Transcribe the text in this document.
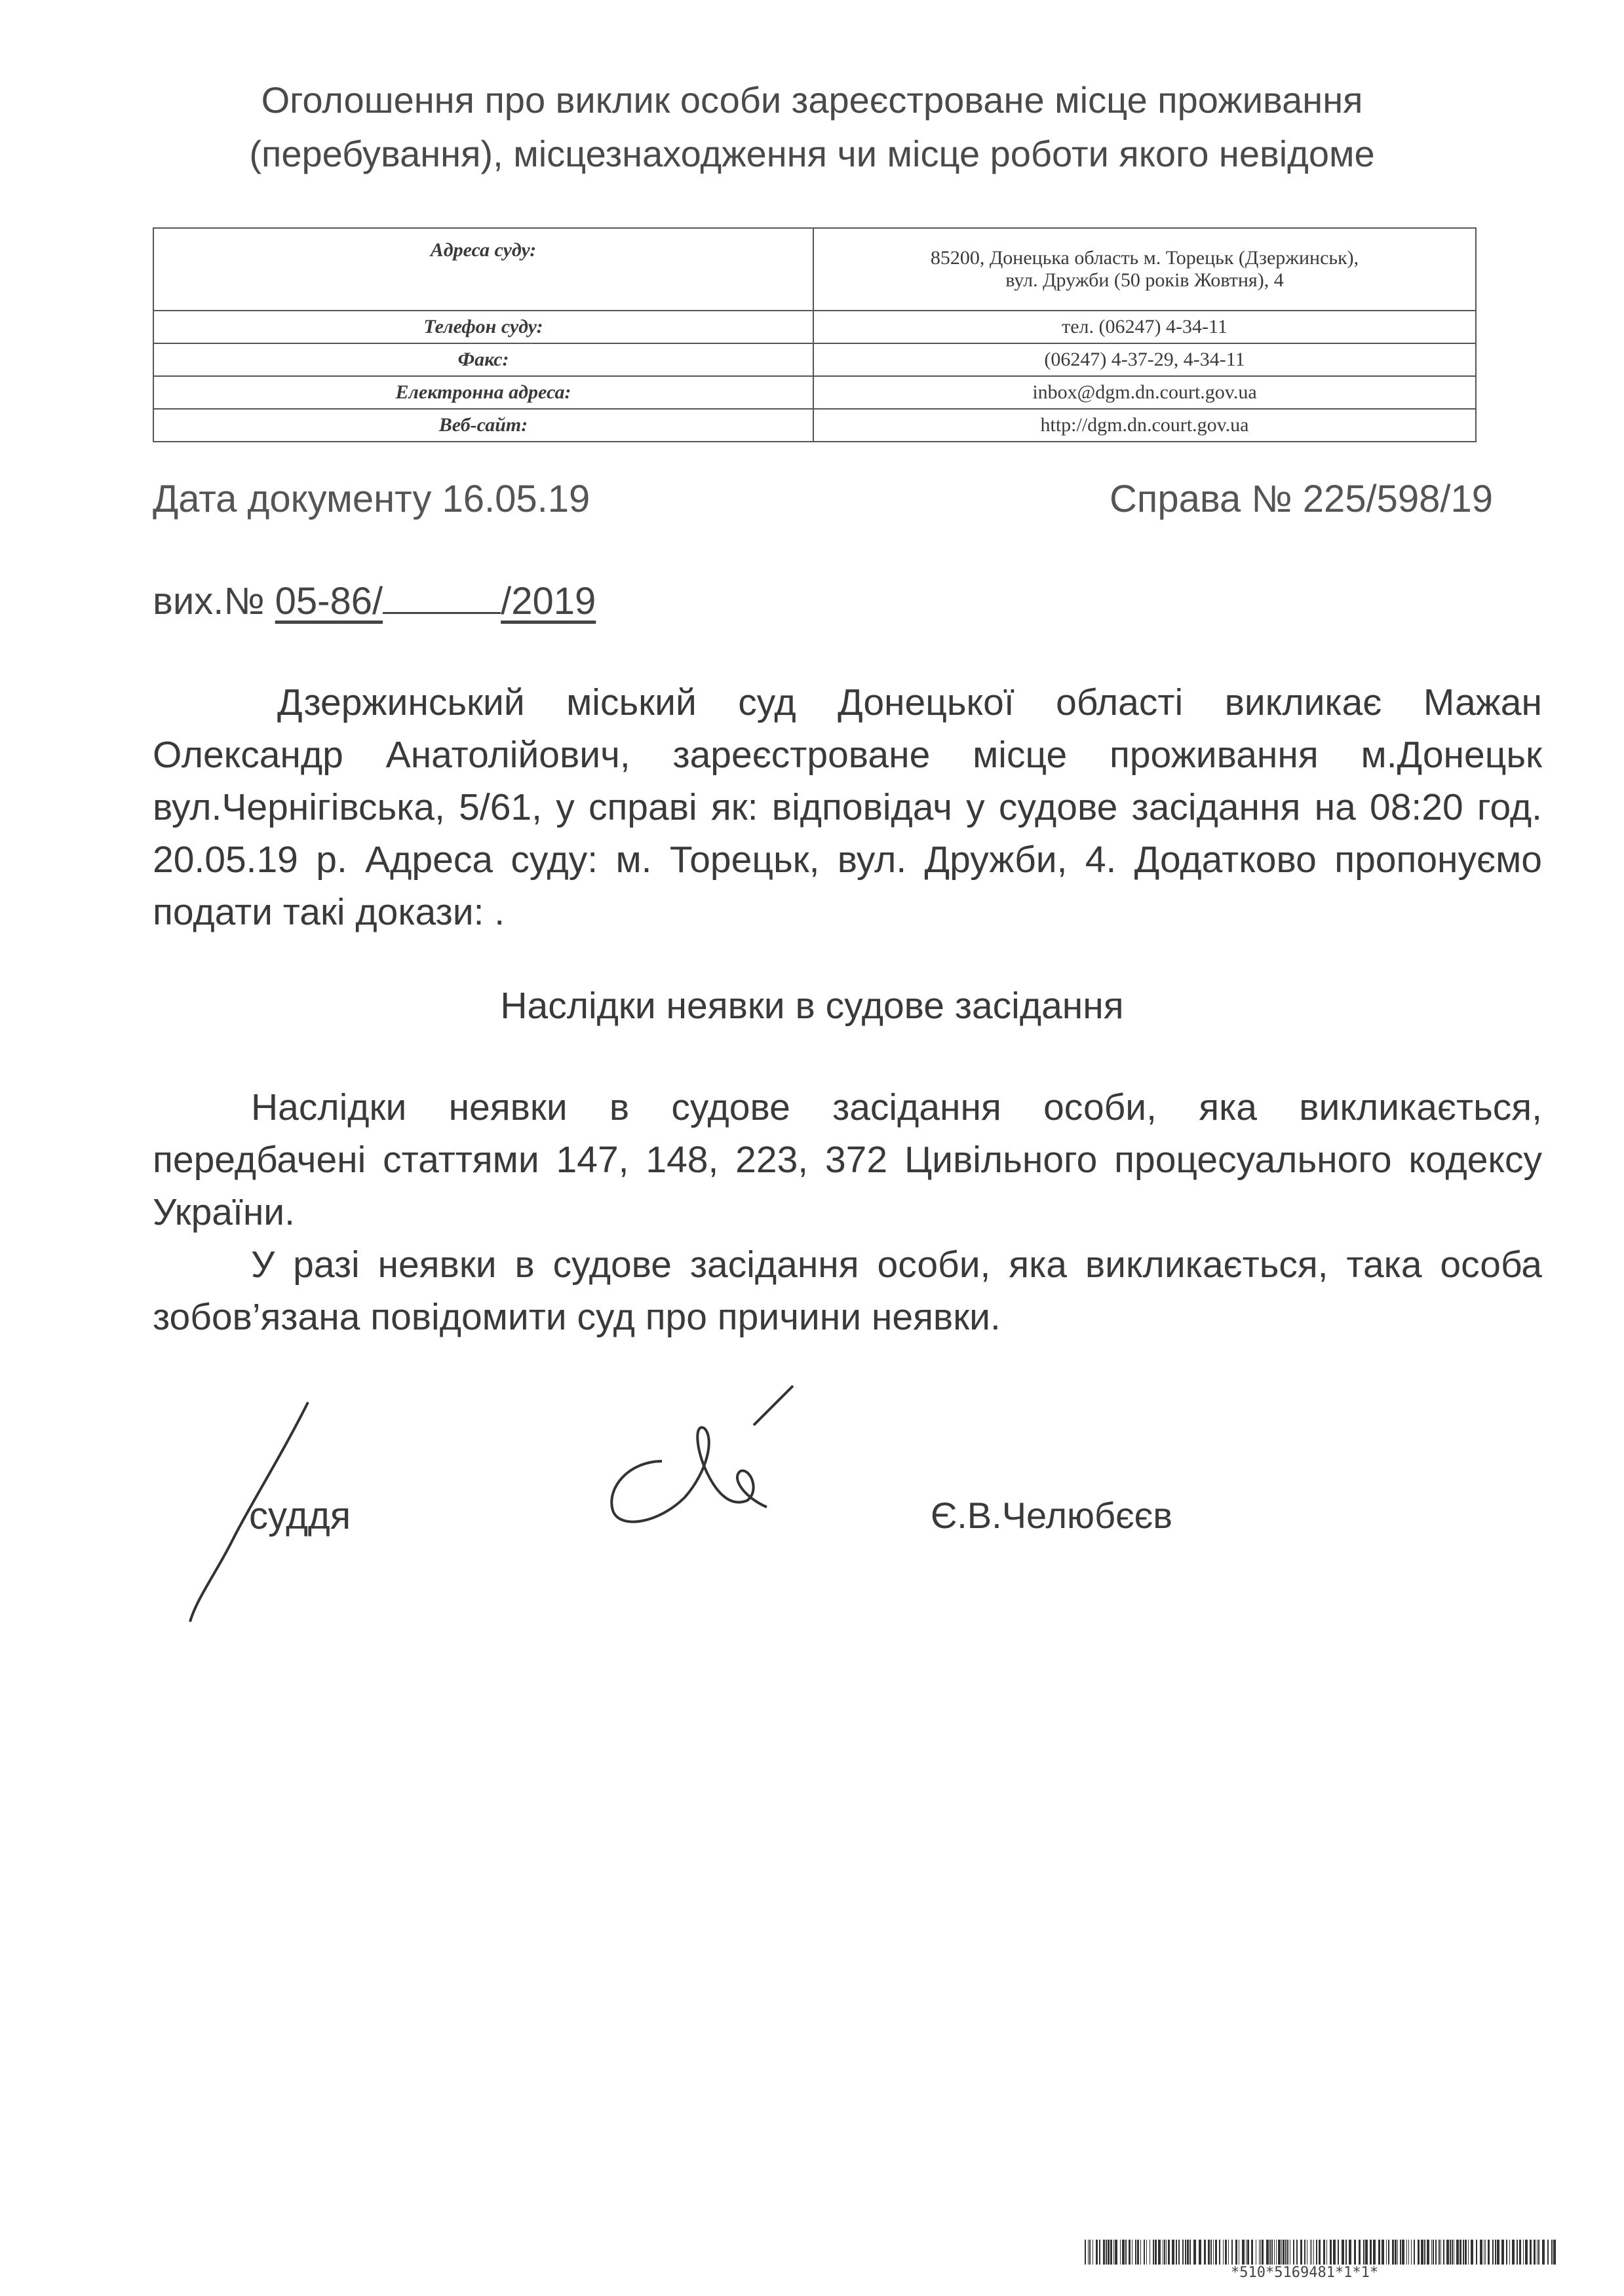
Оголошення про виклик особи зареєстроване місце проживання
(перебування), місцезнаходження чи місце роботи якого невідоме
Адреса суду:	85200, Донецька область м. Торецьк (Дзержинськ),
вул. Дружби (50 років Жовтня), 4

Телефон суду:	тел. (06247) 4-34-11
Факс:	(06247) 4-37-29, 4-34-11
Електронна адреса:	inbox@dgm.dn.court.gov.ua
Веб-сайт:	http://dgm.dn.court.gov.ua
Дата документу 16.05.19	Справа № 225/598/19
вих.№ 05-86/	/2019
Дзержинський міський суд Донецької області викликає Мажан Олександр Анатолійович, зареєстроване місце проживання м.Донецьк вул.Чернігівська, 5/61, у справі як: відповідач у судове засідання на 08:20 год. 20.05.19 р. Адреса суду: м. Торецьк, вул. Дружби, 4. Додатково пропонуємо подати такі докази: .
Наслідки неявки в судове засідання
Наслідки неявки в судове засідання особи, яка викликається, передбачені статтями 147, 148, 223, 372 Цивільного процесуального кодексу України.
У разі неявки в судове засідання особи, яка викликається, така особа зобов’язана повідомити суд про причини неявки.
суддя	Є.В.Челюбєєв
*510*5169481*1*1*
